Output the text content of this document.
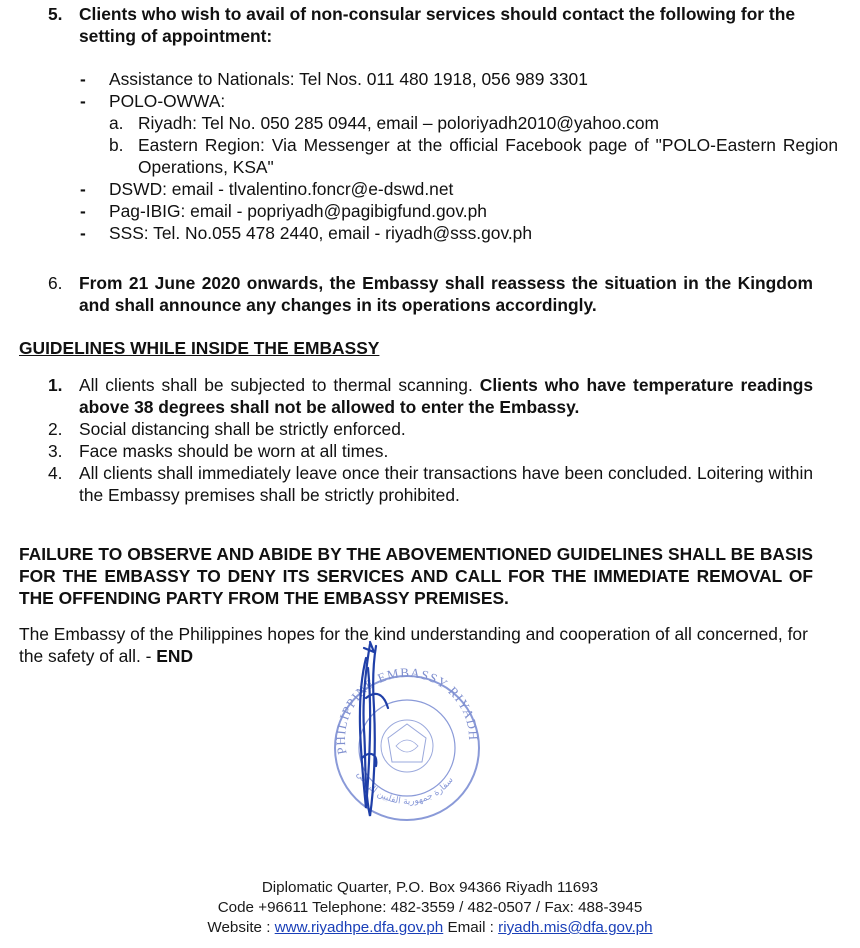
5. Clients who wish to avail of non-consular services should contact the following for the setting of appointment:
- Assistance to Nationals: Tel Nos. 011 480 1918, 056 989 3301
- POLO-OWWA:
a. Riyadh: Tel No. 050 285 0944, email – poloriyadh2010@yahoo.com
b. Eastern Region: Via Messenger at the official Facebook page of "POLO-Eastern Region Operations, KSA"
- DSWD: email - tlvalentino.foncr@e-dswd.net
- Pag-IBIG: email - popriyadh@pagibigfund.gov.ph
- SSS: Tel. No.055 478 2440, email - riyadh@sss.gov.ph
6. From 21 June 2020 onwards, the Embassy shall reassess the situation in the Kingdom and shall announce any changes in its operations accordingly.
GUIDELINES WHILE INSIDE THE EMBASSY
1. All clients shall be subjected to thermal scanning. Clients who have temperature readings above 38 degrees shall not be allowed to enter the Embassy.
2. Social distancing shall be strictly enforced.
3. Face masks should be worn at all times.
4. All clients shall immediately leave once their transactions have been concluded. Loitering within the Embassy premises shall be strictly prohibited.
FAILURE TO OBSERVE AND ABIDE BY THE ABOVEMENTIONED GUIDELINES SHALL BE BASIS FOR THE EMBASSY TO DENY ITS SERVICES AND CALL FOR THE IMMEDIATE REMOVAL OF THE OFFENDING PARTY FROM THE EMBASSY PREMISES.
The Embassy of the Philippines hopes for the kind understanding and cooperation of all concerned, for the safety of all. - END
PHILIPPINE EMBASSY RIYADH
سفارة جمهورية الفلبين الرياض
Diplomatic Quarter, P.O. Box 94366 Riyadh 11693
Code +96611 Telephone: 482-3559 / 482-0507 / Fax: 488-3945
Website : www.riyadhpe.dfa.gov.ph Email : riyadh.mis@dfa.gov.ph
